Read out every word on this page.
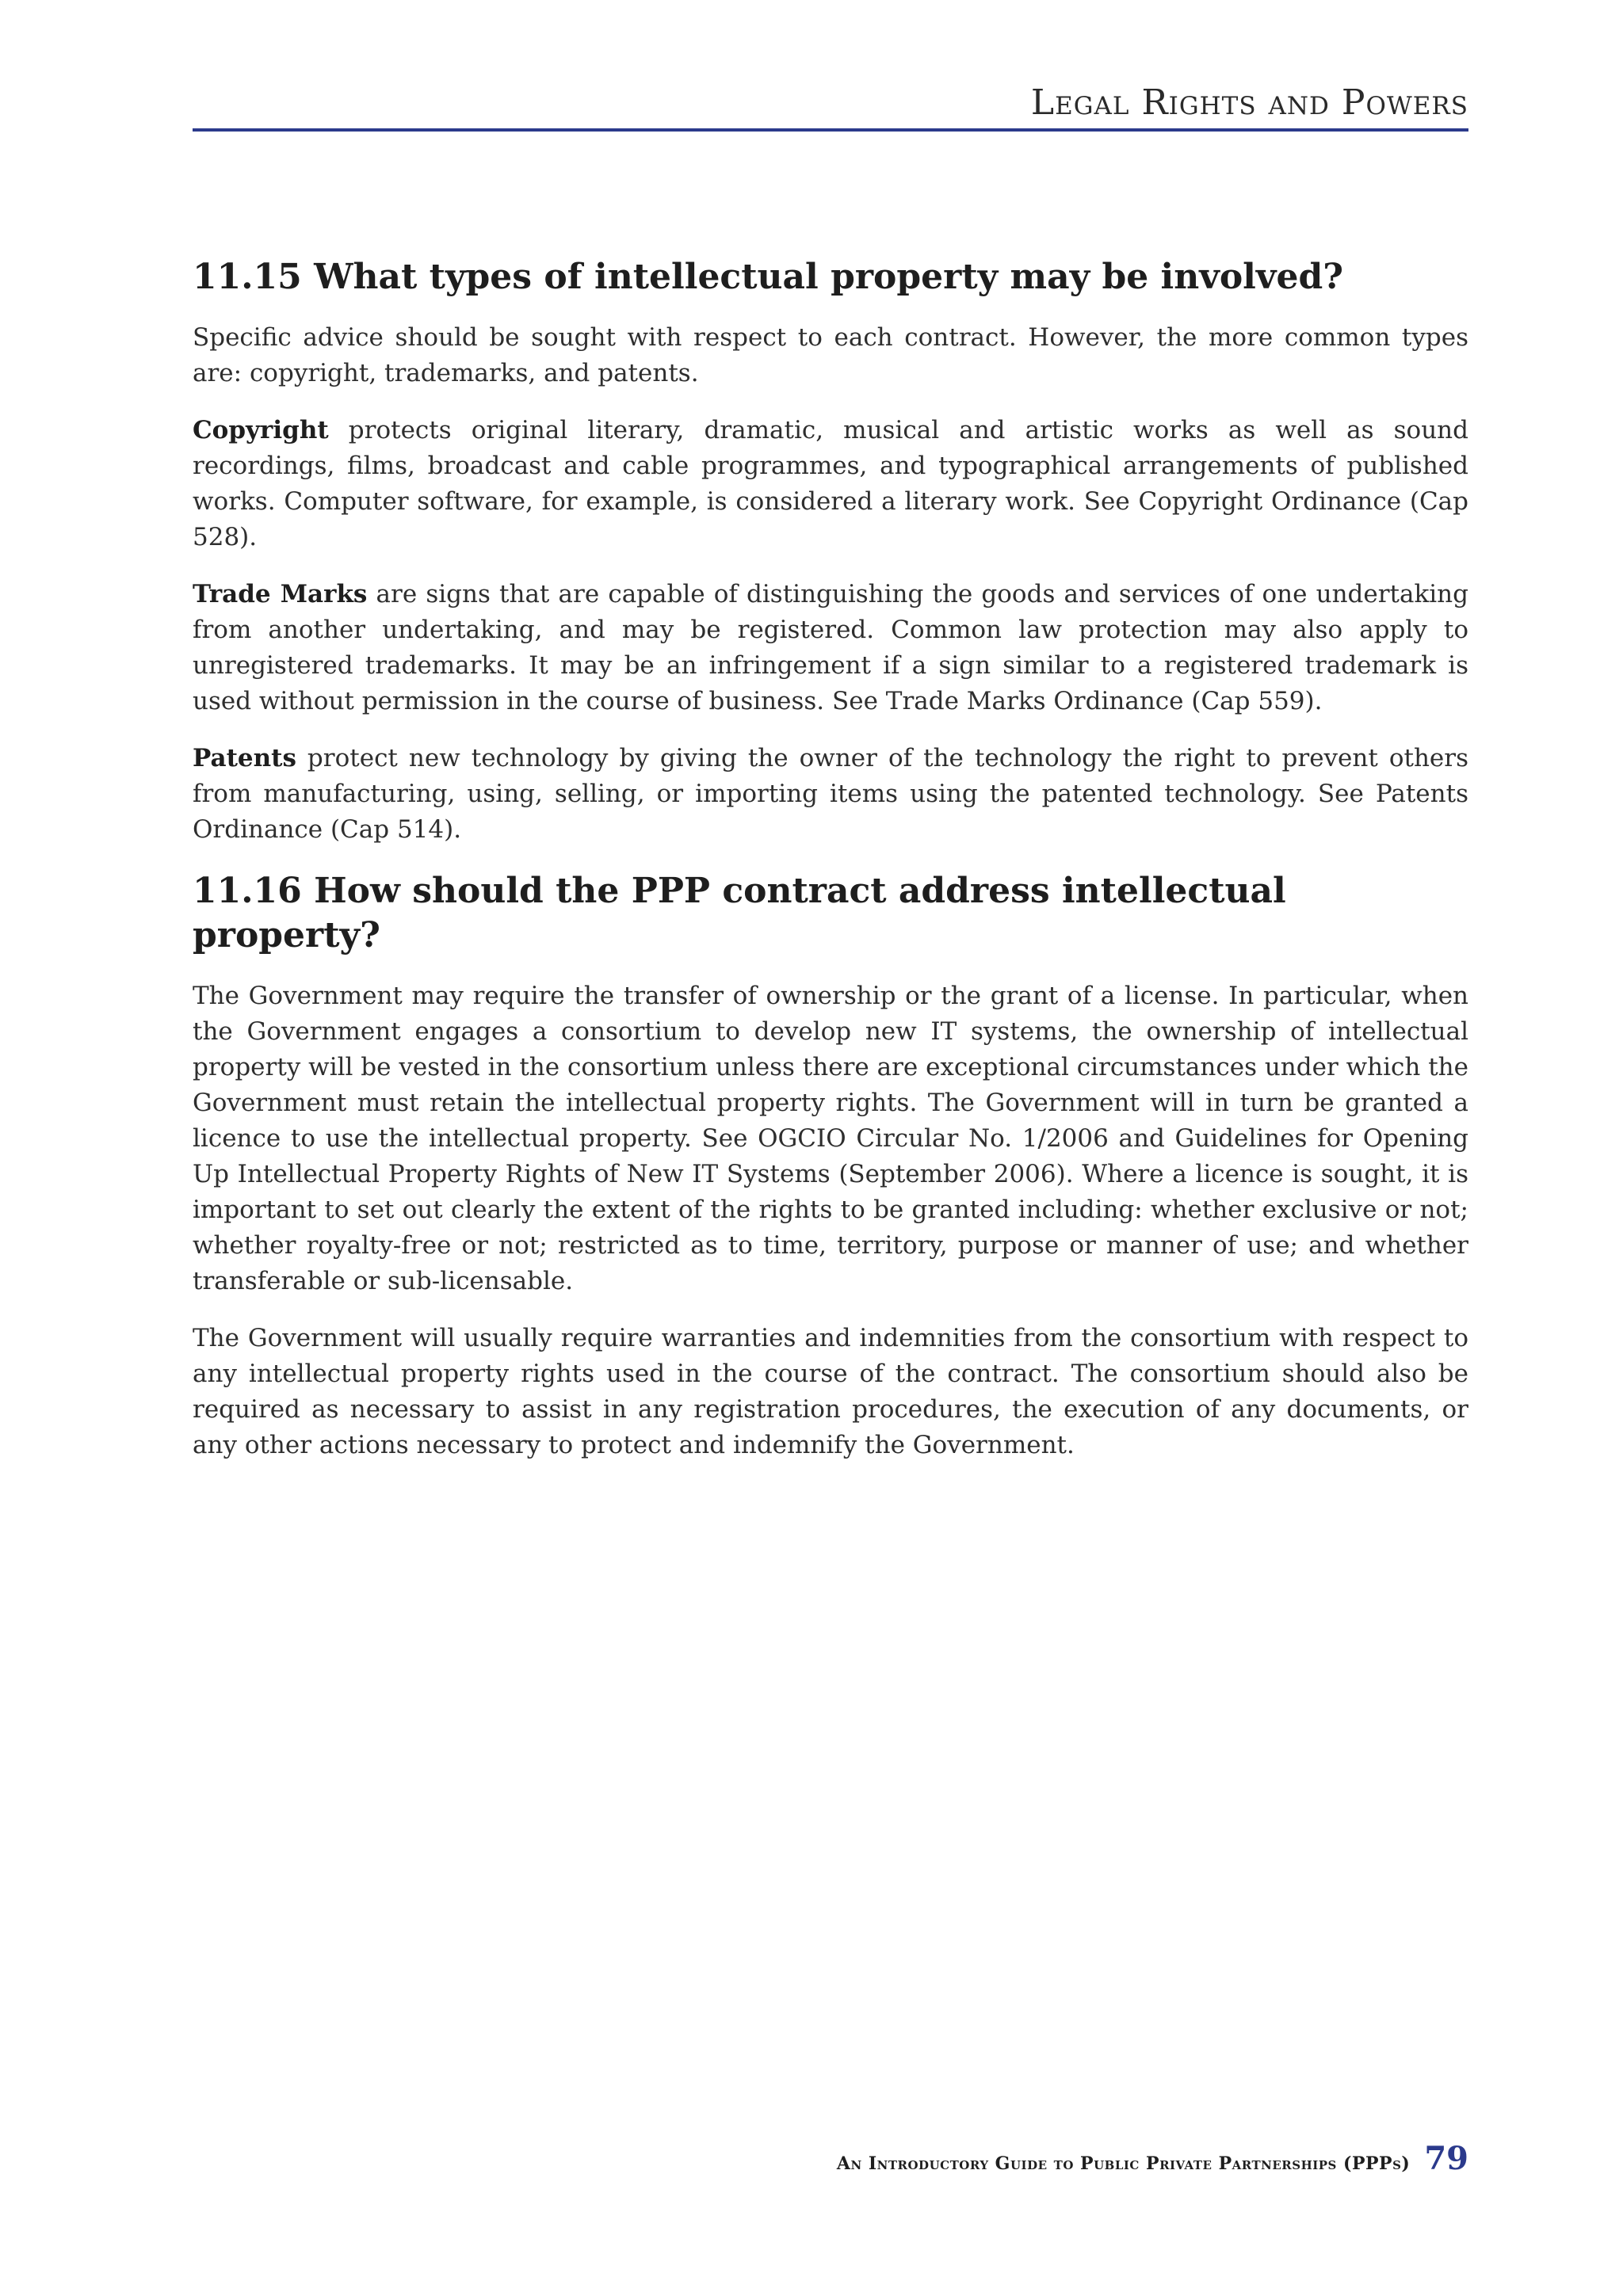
Legal Rights and Powers
11.15 What types of intellectual property may be involved?

Specific advice should be sought with respect to each contract. However, the more common types are: copyright, trademarks, and patents.

Copyright protects original literary, dramatic, musical and artistic works as well as sound recordings, films, broadcast and cable programmes, and typographical arrangements of published works. Computer software, for example, is considered a literary work. See Copyright Ordinance (Cap 528).

Trade Marks are signs that are capable of distinguishing the goods and services of one undertaking from another undertaking, and may be registered. Common law protection may also apply to unregistered trademarks. It may be an infringement if a sign similar to a registered trademark is used without permission in the course of business. See Trade Marks Ordinance (Cap 559).

Patents protect new technology by giving the owner of the technology the right to prevent others from manufacturing, using, selling, or importing items using the patented technology. See Patents Ordinance (Cap 514).

11.16 How should the PPP contract address intellectual property?

The Government may require the transfer of ownership or the grant of a license. In particular, when the Government engages a consortium to develop new IT systems, the ownership of intellectual property will be vested in the consortium unless there are exceptional circumstances under which the Government must retain the intellectual property rights. The Government will in turn be granted a licence to use the intellectual property. See OGCIO Circular No. 1/2006 and Guidelines for Opening Up Intellectual Property Rights of New IT Systems (September 2006). Where a licence is sought, it is important to set out clearly the extent of the rights to be granted including: whether exclusive or not; whether royalty-free or not; restricted as to time, territory, purpose or manner of use; and whether transferable or sub-licensable.

The Government will usually require warranties and indemnities from the consortium with respect to any intellectual property rights used in the course of the contract. The consortium should also be required as necessary to assist in any registration procedures, the execution of any documents, or any other actions necessary to protect and indemnify the Government.

An Introductory Guide to Public Private Partnerships (PPPs) 79
